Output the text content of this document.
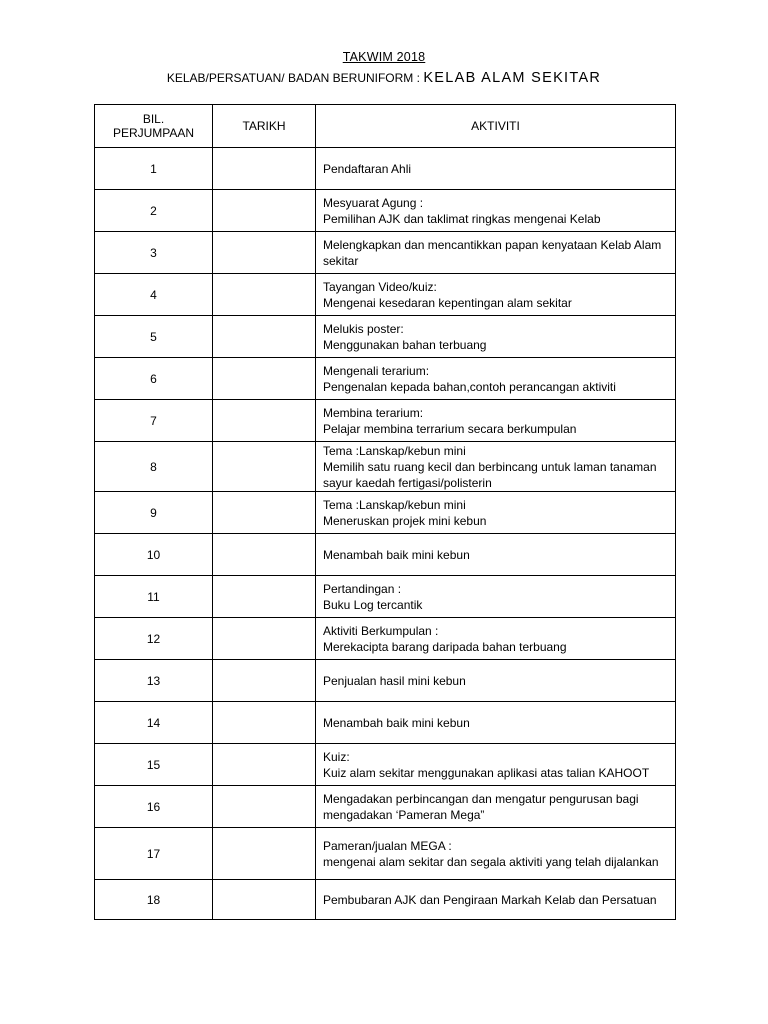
TAKWIM 2018
KELAB/PERSATUAN/ BADAN BERUNIFORM : KELAB ALAM SEKITAR
BIL. PERJUMPAAN	TARIKH	AKTIVITI
1		Pendaftaran Ahli
2		Mesyuarat Agung :
Pemilihan AJK dan taklimat ringkas mengenai Kelab
3		Melengkapkan dan mencantikkan papan kenyataan Kelab Alam sekitar
4		Tayangan Video/kuiz:
Mengenai kesedaran kepentingan alam sekitar
5		Melukis poster:
Menggunakan bahan terbuang
6		Mengenali terarium:
Pengenalan kepada bahan,contoh perancangan aktiviti
7		Membina terarium:
Pelajar membina terrarium secara berkumpulan
8		Tema :Lanskap/kebun mini
Memilih satu ruang kecil dan berbincang untuk laman tanaman sayur kaedah fertigasi/polisterin
9		Tema :Lanskap/kebun mini
Meneruskan projek mini kebun
10		Menambah baik mini kebun
11		Pertandingan :
Buku Log tercantik
12		Aktiviti Berkumpulan :
Merekacipta barang daripada bahan terbuang
13		Penjualan hasil mini kebun
14		Menambah baik mini kebun
15		Kuiz:
Kuiz alam sekitar menggunakan aplikasi atas talian KAHOOT
16		Mengadakan perbincangan dan mengatur pengurusan bagi mengadakan ‘Pameran Mega”
17		Pameran/jualan MEGA :
mengenai alam sekitar dan segala aktiviti yang telah dijalankan
18		Pembubaran AJK dan Pengiraan Markah Kelab dan Persatuan
